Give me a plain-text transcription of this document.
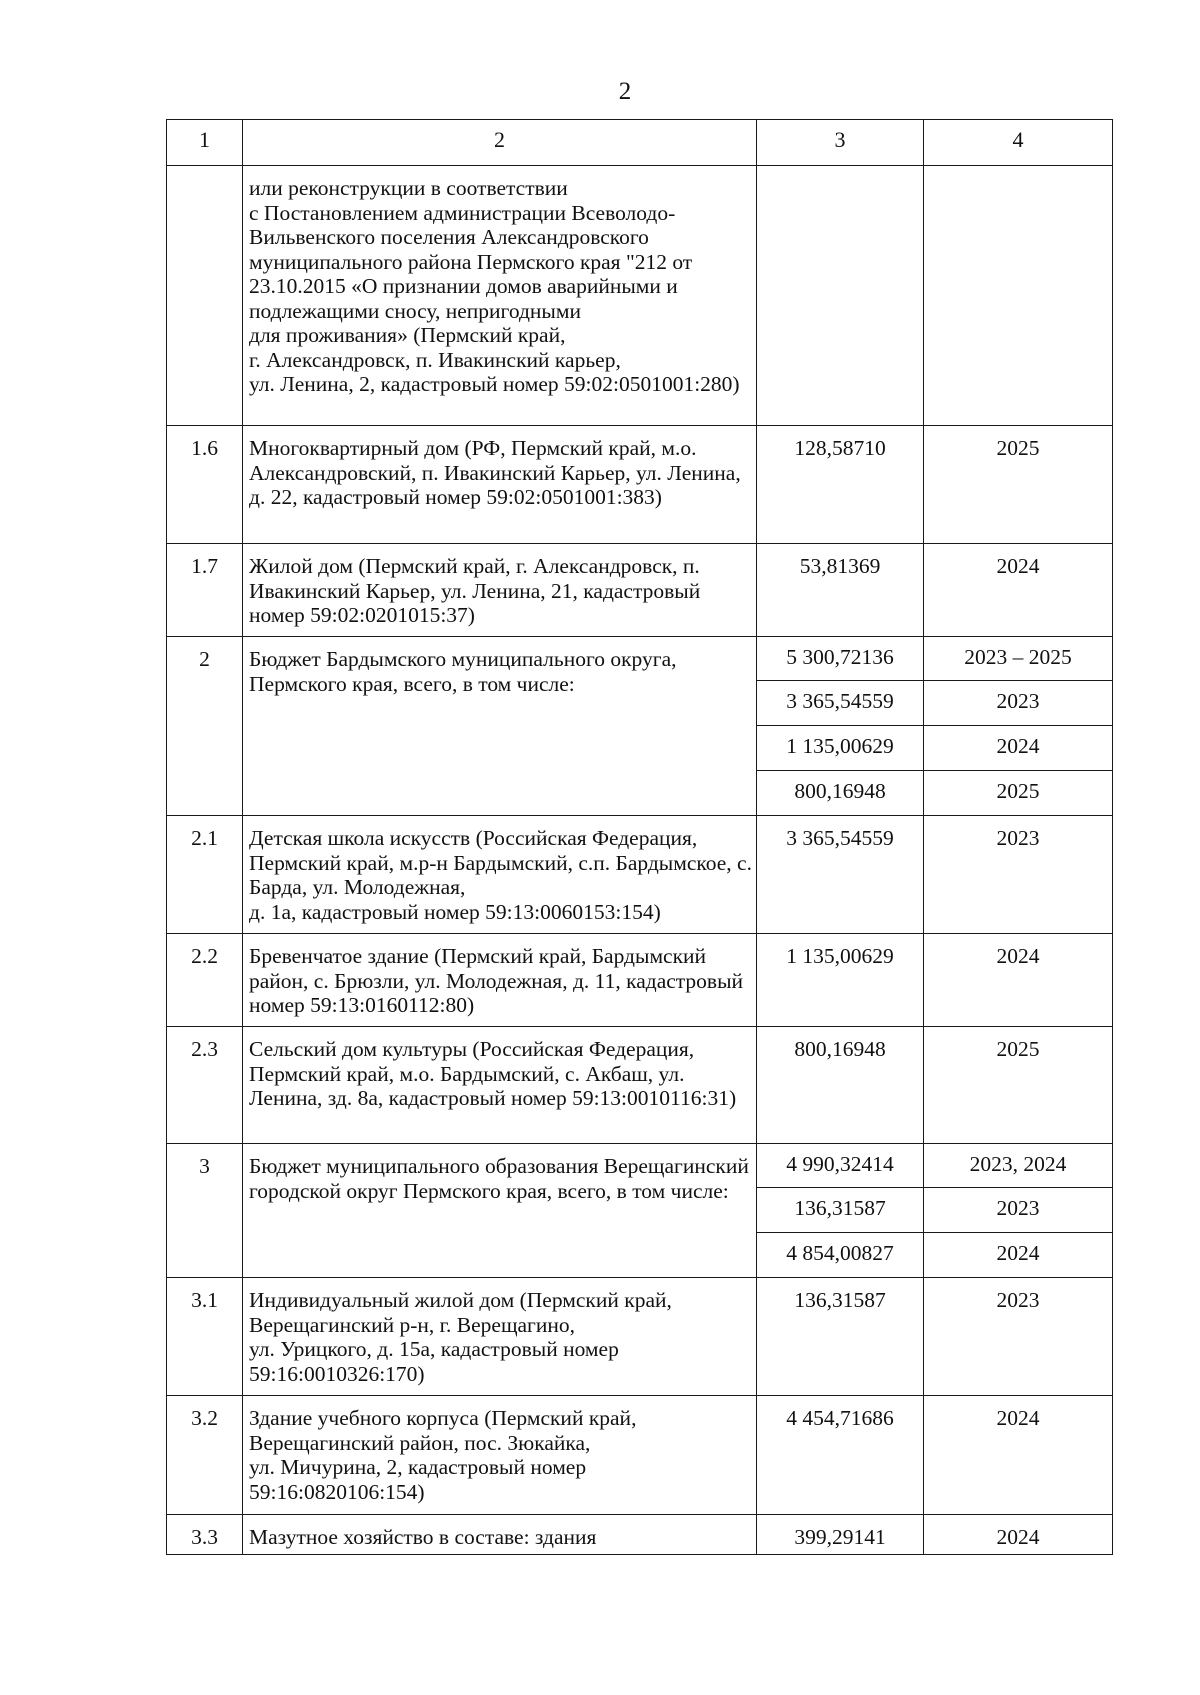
2
1	2	3	4

	или реконструкции в соответствии
с Постановлением администрации Всеволодо-Вильвенского поселения Александровского муниципального района Пермского края "212 от 23.10.2015 «О признании домов аварийными и подлежащими сносу, непригодными
для проживания» (Пермский край,
г. Александровск, п. Ивакинский карьер,
ул. Ленина, 2, кадастровый номер 59:02:0501001:280)		

1.6	Многоквартирный дом (РФ, Пермский край, м.о. Александровский, п. Ивакинский Карьер, ул. Ленина, д. 22, кадастровый номер 59:02:0501001:383)	128,58710	2025
1.7	Жилой дом (Пермский край, г. Александровск, п. Ивакинский Карьер, ул. Ленина, 21, кадастровый номер 59:02:0201015:37)	53,81369	2024
2	Бюджет Бардымского муниципального округа, Пермского края, всего, в том числе:	5 300,72136	2023 – 2025
		3 365,54559	2023
		1 135,00629	2024
		800,16948	2025
2.1	Детская школа искусств (Российская Федерация, Пермский край, м.р-н Бардымский, с.п. Бардымское, с. Барда, ул. Молодежная,
д. 1а, кадастровый номер 59:13:0060153:154)	3 365,54559	2023
2.2	Бревенчатое здание (Пермский край, Бардымский район, с. Брюзли, ул. Молодежная, д. 11, кадастровый номер 59:13:0160112:80)	1 135,00629	2024
2.3	Сельский дом культуры (Российская Федерация, Пермский край, м.о. Бардымский, с. Акбаш, ул. Ленина, зд. 8а, кадастровый номер 59:13:0010116:31)	800,16948	2025
3	Бюджет муниципального образования Верещагинский городской округ Пермского края, всего, в том числе:	4 990,32414	2023, 2024
		136,31587	2023
		4 854,00827	2024
3.1	Индивидуальный жилой дом (Пермский край, Верещагинский р-н, г. Верещагино,
ул. Урицкого, д. 15а, кадастровый номер 59:16:0010326:170)	136,31587	2023
3.2	Здание учебного корпуса (Пермский край, Верещагинский район, пос. Зюкайка,
ул. Мичурина, 2, кадастровый номер 59:16:0820106:154)	4 454,71686	2024
3.3	Мазутное хозяйство в составе: здания	399,29141	2024
